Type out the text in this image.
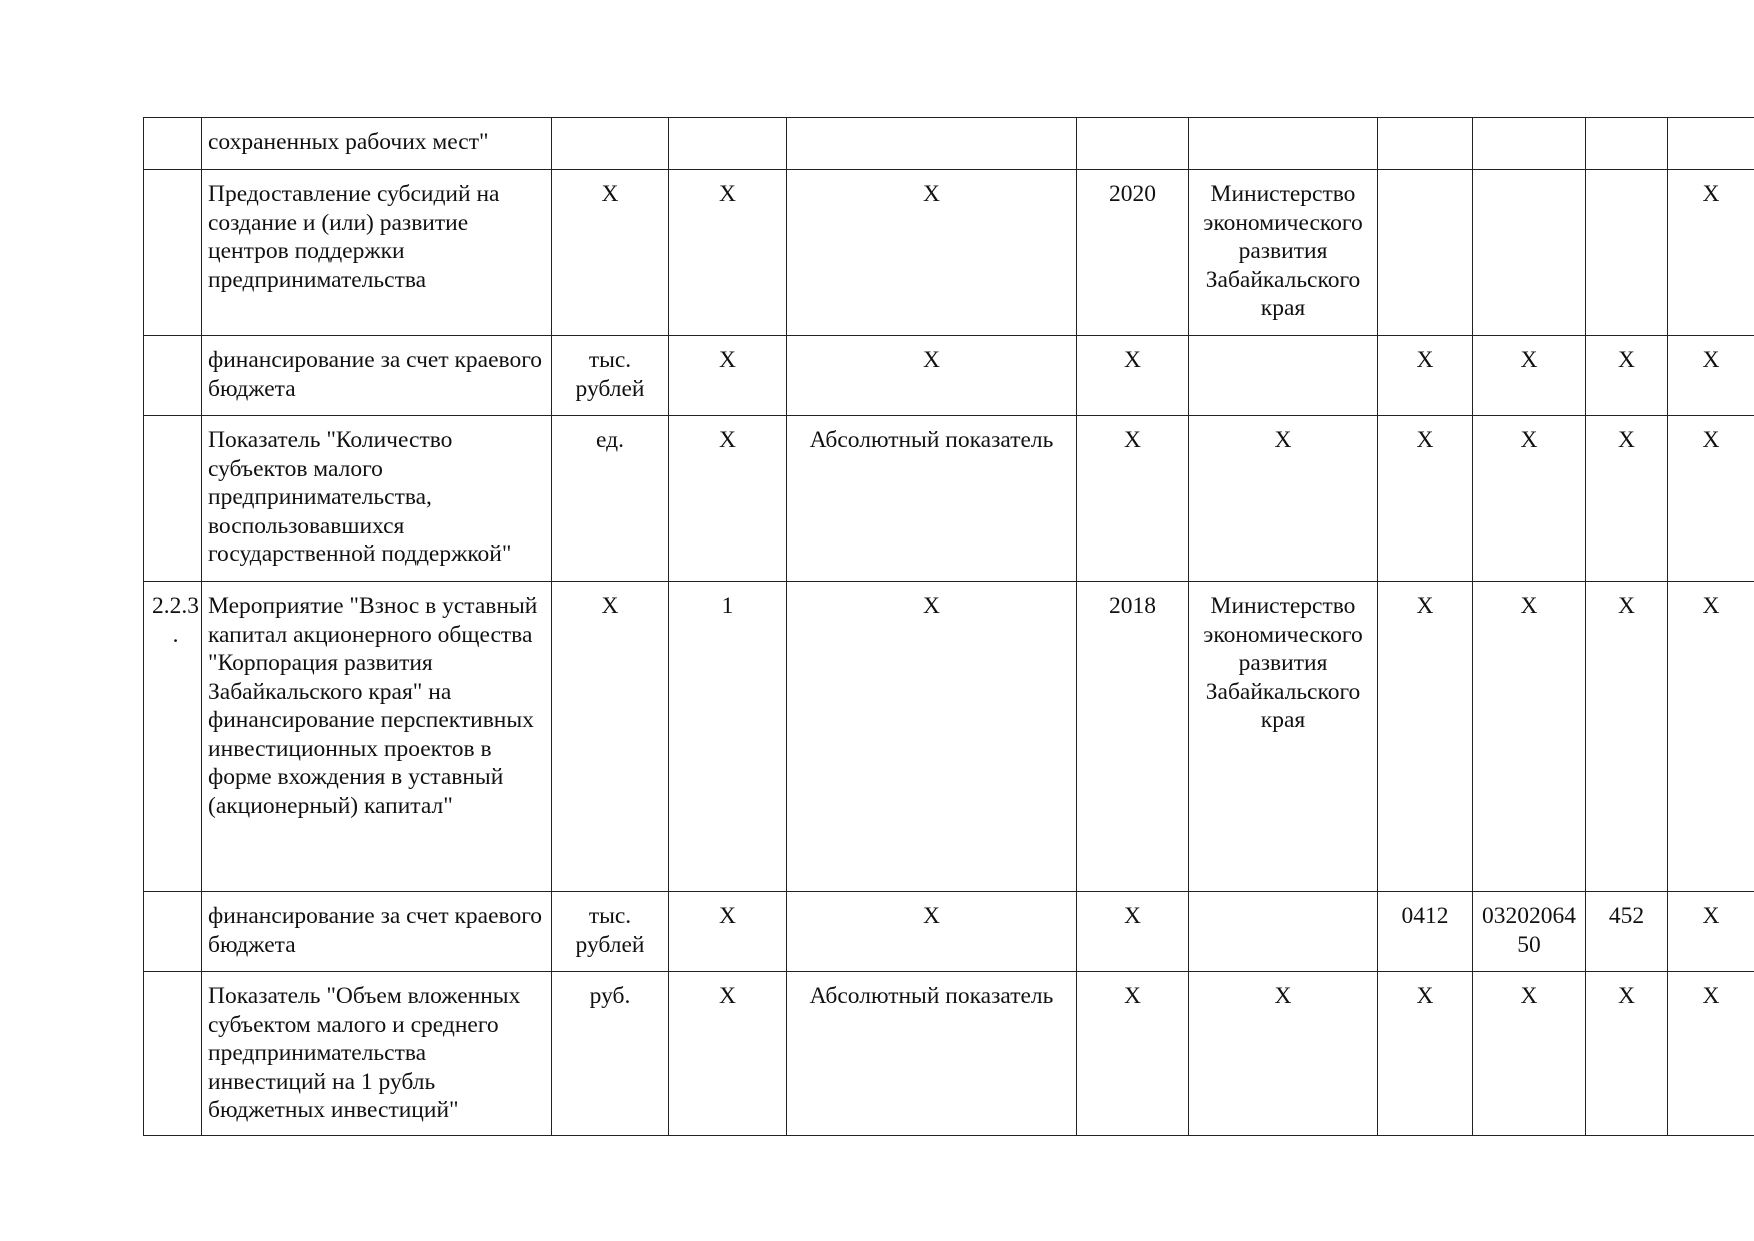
	сохраненных рабочих мест"									
	Предоставление субсидий на создание и (или) развитие центров поддержки предпринимательства	X	X	X	2020	Министерство экономического развития Забайкальского края				X
	финансирование за счет краевого бюджета	тыс. рублей	X	X	X		X	X	X	X
	Показатель "Количество субъектов малого предпринимательства, воспользовавшихся государственной поддержкой"	ед.	X	Абсолютный показатель	X	X	X	X	X	X
2.2.3.	Мероприятие "Взнос в уставный капитал акционерного общества "Корпорация развития Забайкальского края" на финансирование перспективных инвестиционных проектов в форме вхождения в уставный (акционерный) капитал"	X	1	X	2018	Министерство экономического развития Забайкальского края	X	X	X	X
	финансирование за счет краевого бюджета	тыс. рублей	X	X	X		0412	0320206450	452	X
	Показатель "Объем вложенных субъектом малого и среднего предпринимательства инвестиций на 1 рубль бюджетных инвестиций"	руб.	X	Абсолютный показатель	X	X	X	X	X	X
